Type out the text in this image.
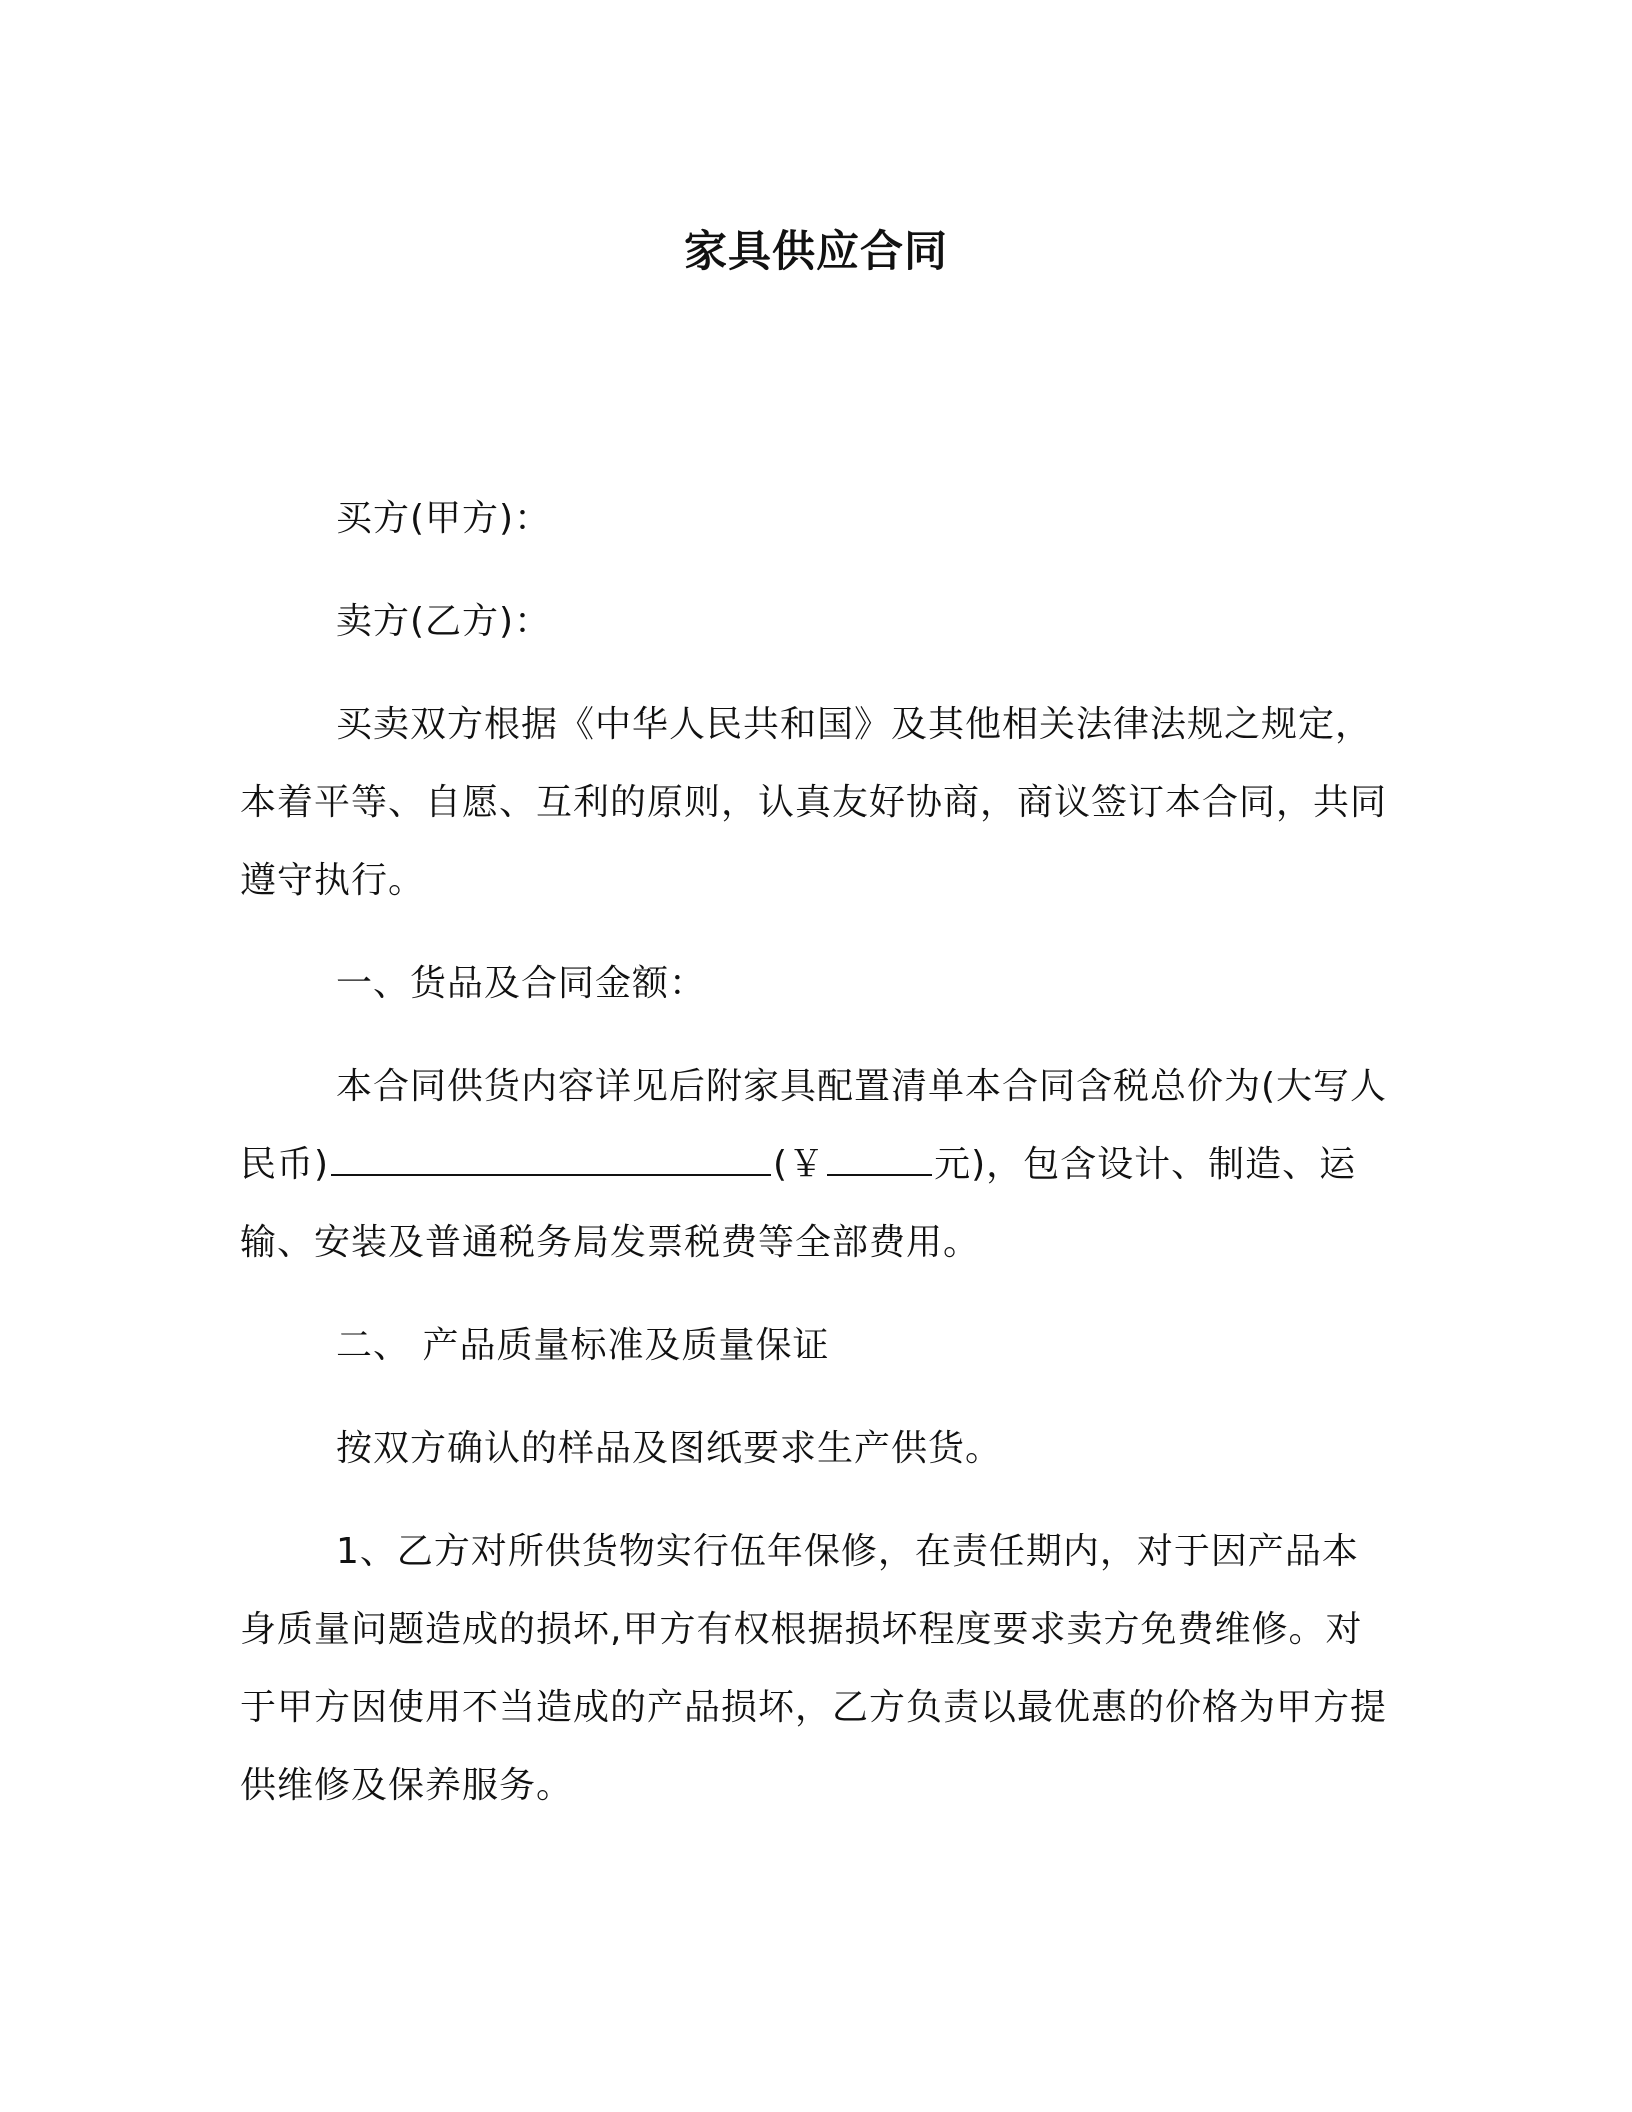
家具供应合同

买方(甲方)：

卖方(乙方)：

买卖双方根据《中华人民共和国》及其他相关法律法规之规定，本着平等、自愿、互利的原则，认真友好协商，商议签订本合同，共同遵守执行。

一、货品及合同金额：

本合同供货内容详见后附家具配置清单本合同含税总价为(大写人民币)	(￥	元)，包含设计、制造、运输、安装及普通税务局发票税费等全部费用。

二、 产品质量标准及质量保证

按双方确认的样品及图纸要求生产供货。

1、乙方对所供货物实行伍年保修，在责任期内，对于因产品本身质量问题造成的损坏,甲方有权根据损坏程度要求卖方免费维修。对于甲方因使用不当造成的产品损坏，乙方负责以最优惠的价格为甲方提供维修及保养服务。
